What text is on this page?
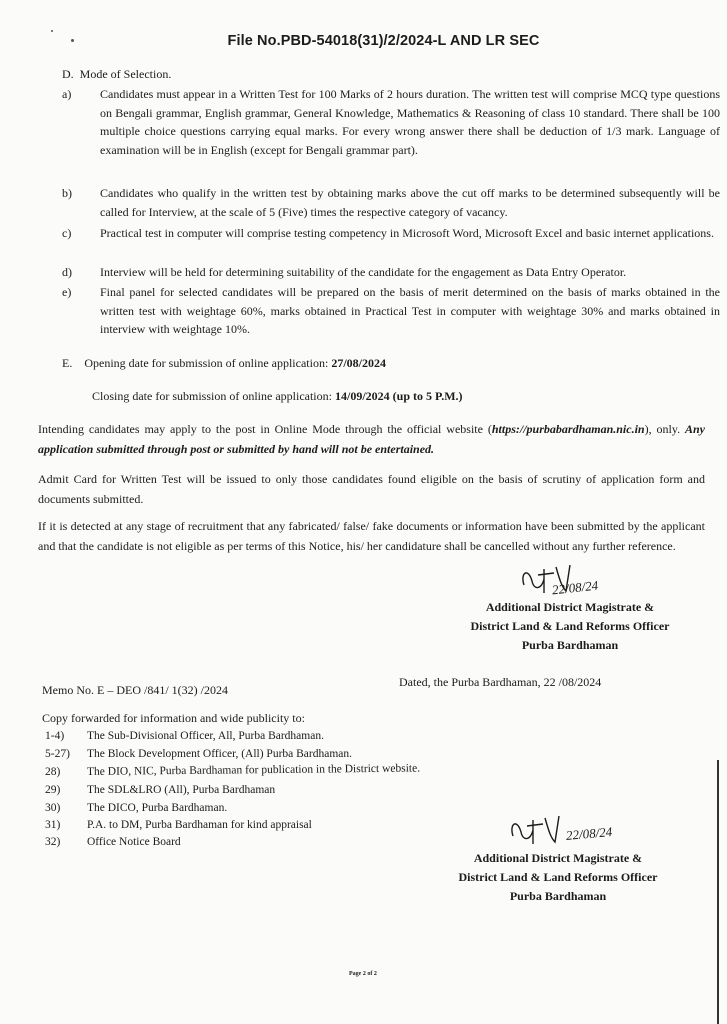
File No.PBD-54018(31)/2/2024-L AND LR SEC
D. Mode of Selection.
a)	Candidates must appear in a Written Test for 100 Marks of 2 hours duration. The written test will comprise MCQ type questions on Bengali grammar, English grammar, General Knowledge, Mathematics & Reasoning of class 10 standard. There shall be 100 multiple choice questions carrying equal marks. For every wrong answer there shall be deduction of 1/3 mark. Language of examination will be in English (except for Bengali grammar part).
b)	Candidates who qualify in the written test by obtaining marks above the cut off marks to be determined subsequently will be called for Interview, at the scale of 5 (Five) times the respective category of vacancy.
c)	Practical test in computer will comprise testing competency in Microsoft Word, Microsoft Excel and basic internet applications.
d)	Interview will be held for determining suitability of the candidate for the engagement as Data Entry Operator.
e)	Final panel for selected candidates will be prepared on the basis of merit determined on the basis of marks obtained in the written test with weightage 60%, marks obtained in Practical Test in computer with weightage 30% and marks obtained in interview with weightage 10%.
E. Opening date for submission of online application: 27/08/2024
Closing date for submission of online application: 14/09/2024 (up to 5 P.M.)
Intending candidates may apply to the post in Online Mode through the official website (https://purbabardhaman.nic.in), only. Any application submitted through post or submitted by hand will not be entertained.
Admit Card for Written Test will be issued to only those candidates found eligible on the basis of scrutiny of application form and documents submitted.
If it is detected at any stage of recruitment that any fabricated/ false/ fake documents or information have been submitted by the applicant and that the candidate is not eligible as per terms of this Notice, his/ her candidature shall be cancelled without any further reference.
22/08/24
Additional District Magistrate &
District Land & Land Reforms Officer
Purba Bardhaman
Memo No. E – DEO /841/ 1(32) /2024
Dated, the Purba Bardhaman, 22 /08/2024
Copy forwarded for information and wide publicity to:
1-4)	The Sub-Divisional Officer, All, Purba Bardhaman.
5-27)	The Block Development Officer, (All) Purba Bardhaman.
28)	The DIO, NIC, Purba Bardhaman for publication in the District website.
29)	The SDL&LRO (All), Purba Bardhaman
30)	The DICO, Purba Bardhaman.
31)	P.A. to DM, Purba Bardhaman for kind appraisal
32)	Office Notice Board	22/08/24
Additional District Magistrate &
District Land & Land Reforms Officer
Purba Bardhaman
Page 2 of 2
